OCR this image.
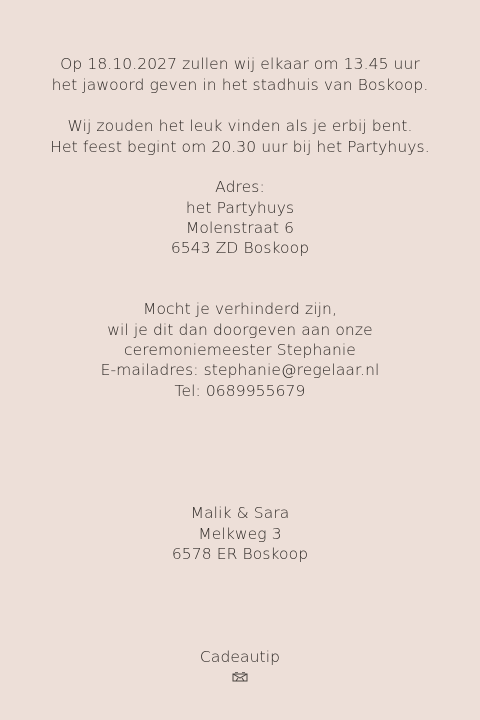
Op 18.10.2027 zullen wij elkaar om 13.45 uur
het jawoord geven in het stadhuis van Boskoop.
Wij zouden het leuk vinden als je erbij bent.
Het feest begint om 20.30 uur bij het Partyhuys.
Adres:
het Partyhuys
Molenstraat 6
6543 ZD Boskoop
Mocht je verhinderd zijn,
wil je dit dan doorgeven aan onze
ceremoniemeester Stephanie
E-mailadres: stephanie@regelaar.nl
Tel: 0689955679
Malik & Sara
Melkweg 3
6578 ER Boskoop
Cadeautip
